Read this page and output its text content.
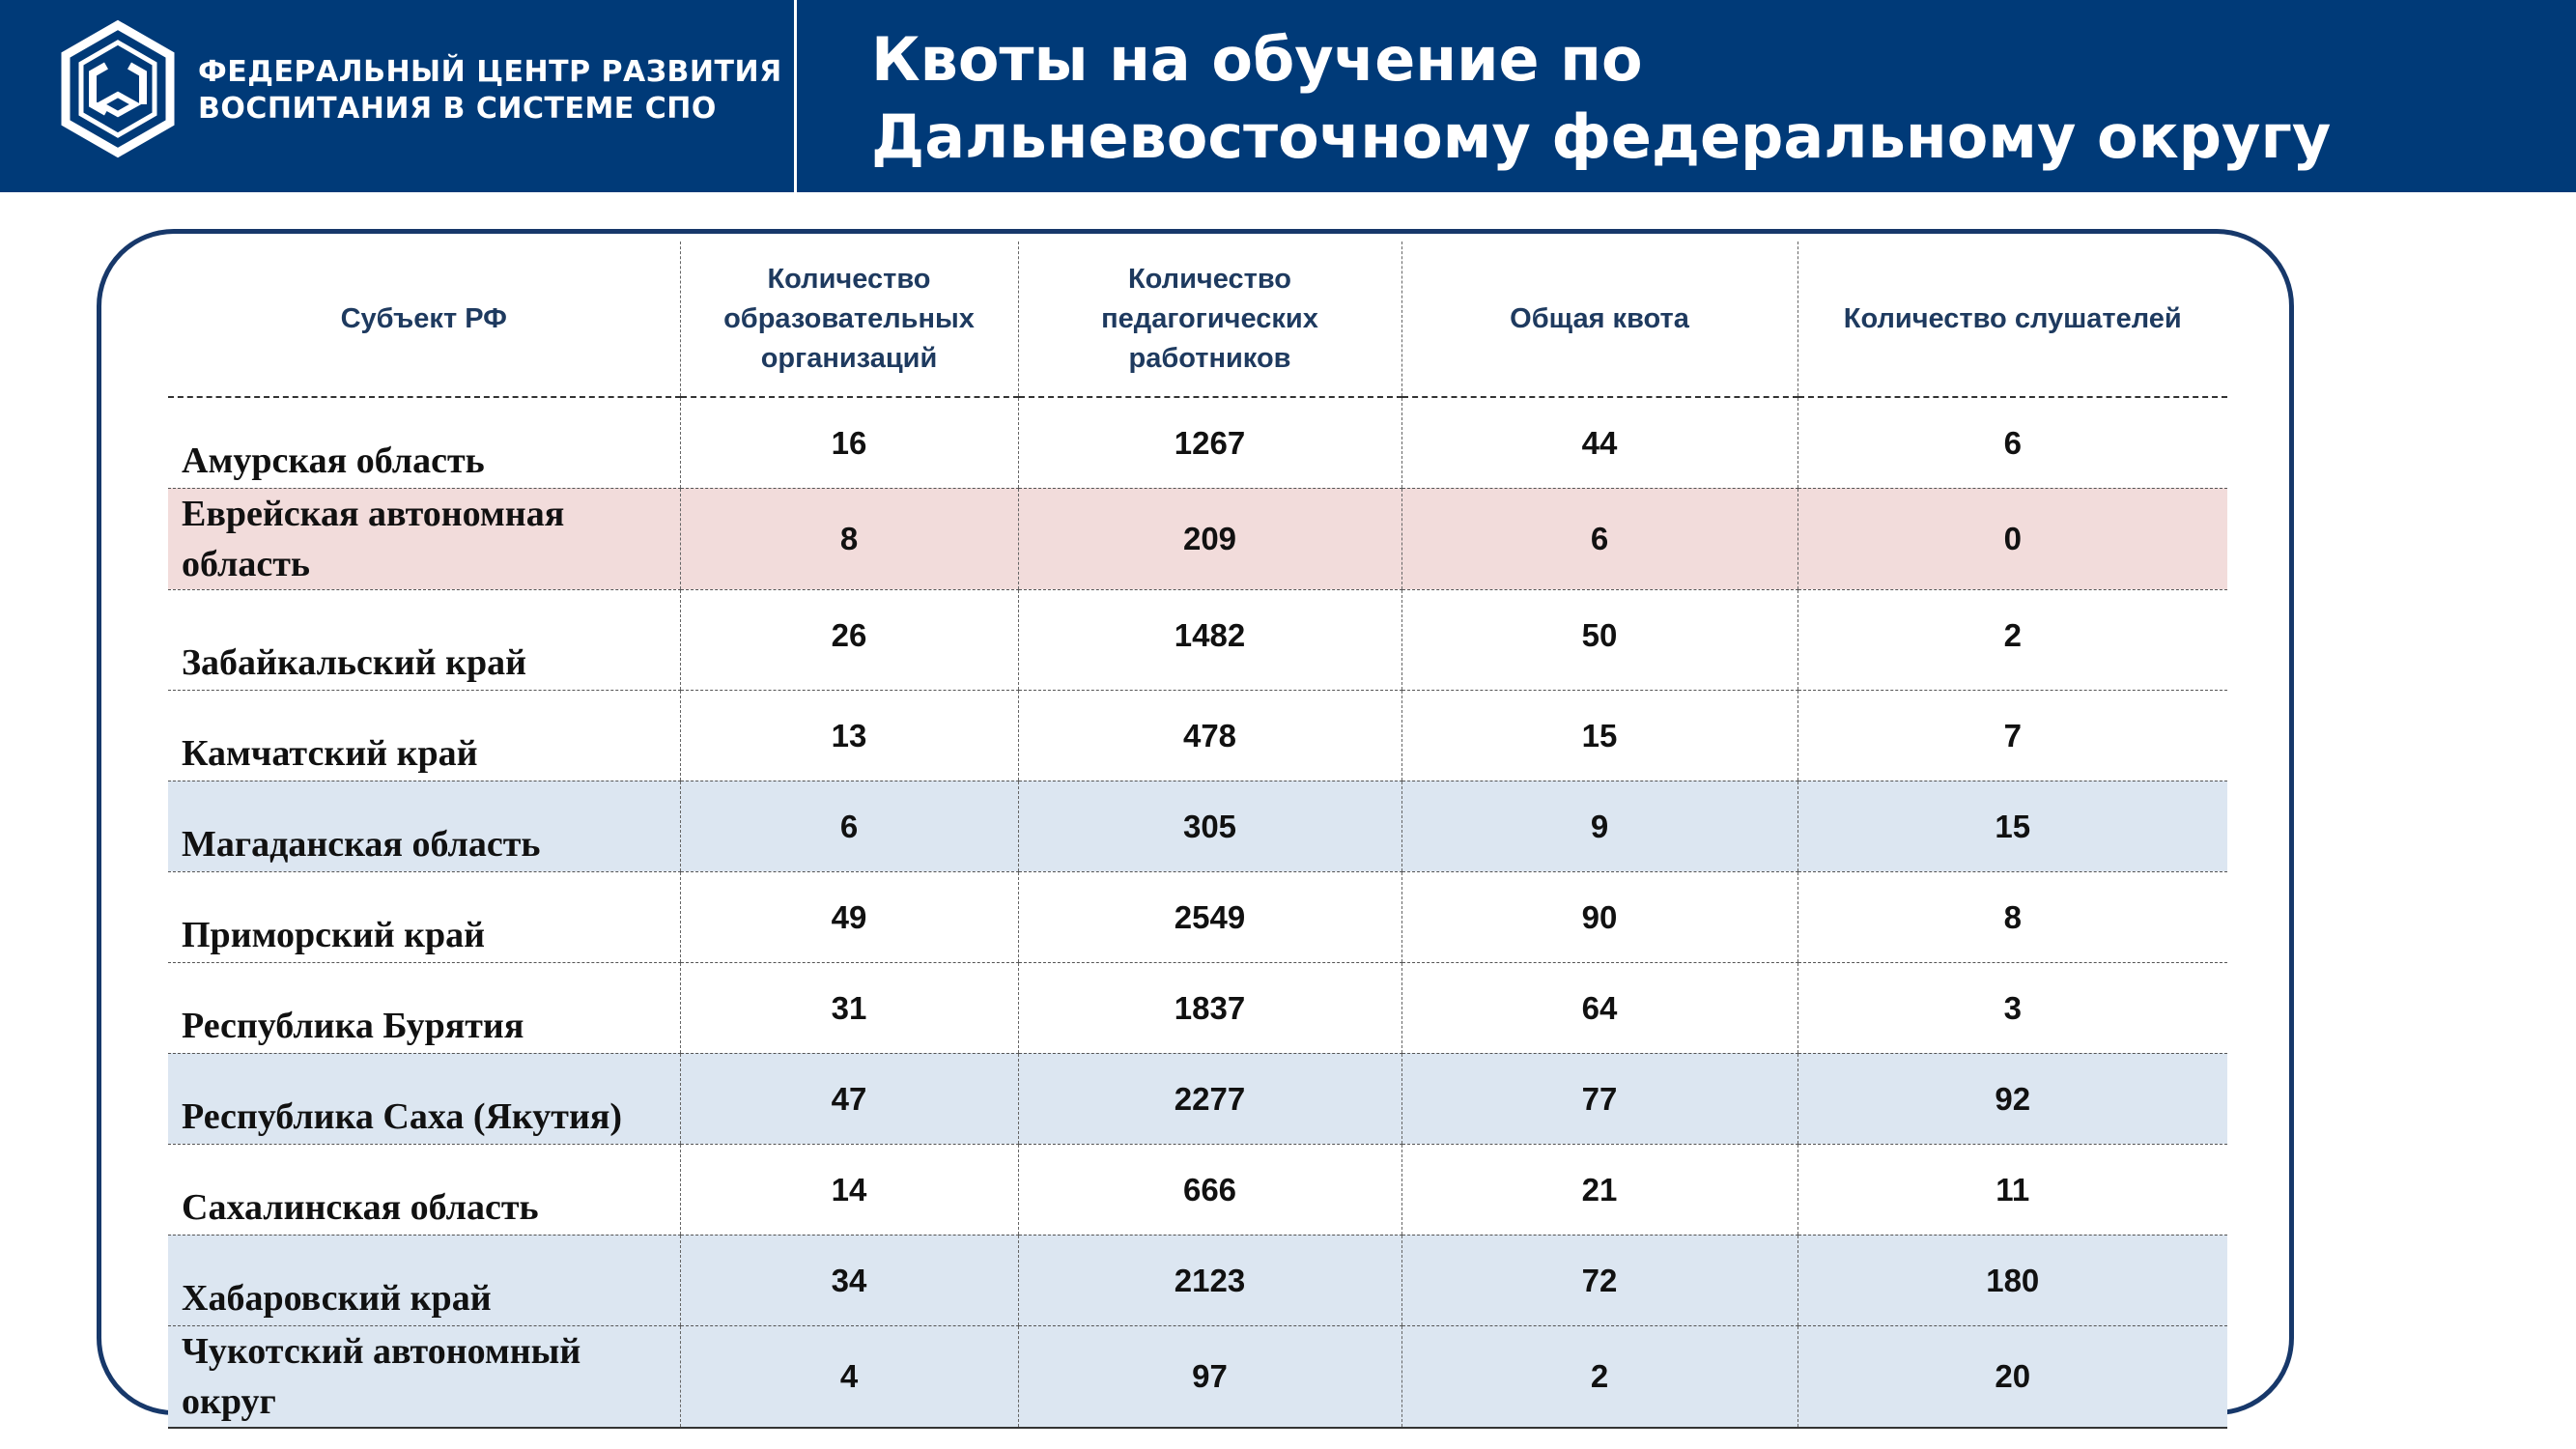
ФЕДЕРАЛЬНЫЙ ЦЕНТР РАЗВИТИЯ
ВОСПИТАНИЯ В СИСТЕМЕ СПО
Квоты на обучение по
Дальневосточному федеральному округу
Субъект РФ	Количество образовательных организаций	Количество педагогических работников	Общая квота	Количество слушателей
Амурская область	16	1267	44	6
Еврейская автономная область	8	209	6	0
Забайкальский край	26	1482	50	2
Камчатский край	13	478	15	7
Магаданская область	6	305	9	15
Приморский край	49	2549	90	8
Республика Бурятия	31	1837	64	3
Республика Саха (Якутия)	47	2277	77	92
Сахалинская область	14	666	21	11
Хабаровский край	34	2123	72	180
Чукотский автономный округ	4	97	2	20
